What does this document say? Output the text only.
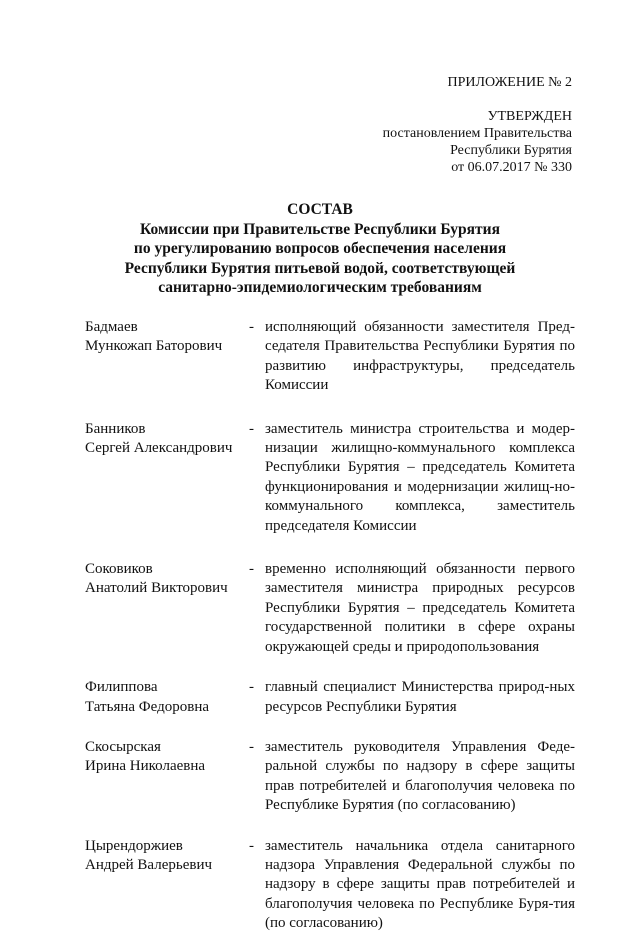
ПРИЛОЖЕНИЕ № 2
УТВЕРЖДЕН
постановлением Правительства
Республики Бурятия
от 06.07.2017 № 330
СОСТАВ
Комиссии при Правительстве Республики Бурятия
по урегулированию вопросов обеспечения населения
Республики Бурятия питьевой водой, соответствующей
санитарно-эпидемиологическим требованиям
Бадмаев
Мункожап Баторович
- исполняющий обязанности заместителя Пред-седателя Правительства Республики Бурятия по развитию инфраструктуры, председатель Комиссии
Банников
Сергей Александрович
- заместитель министра строительства и модер-низации жилищно-коммунального комплекса Республики Бурятия – председатель Комитета функционирования и модернизации жилищ-но-коммунального комплекса, заместитель председателя Комиссии
Соковиков
Анатолий Викторович
- временно исполняющий обязанности первого заместителя министра природных ресурсов Республики Бурятия – председатель Комитета государственной политики в сфере охраны окружающей среды и природопользования
Филиппова
Татьяна Федоровна
- главный специалист Министерства природ-ных ресурсов Республики Бурятия
Скосырская
Ирина Николаевна
- заместитель руководителя Управления Феде-ральной службы по надзору в сфере защиты прав потребителей и благополучия человека по Республике Бурятия (по согласованию)
Цырендоржиев
Андрей Валерьевич
- заместитель начальника отдела санитарного надзора Управления Федеральной службы по надзору в сфере защиты прав потребителей и благополучия человека по Республике Буря-тия (по согласованию)
